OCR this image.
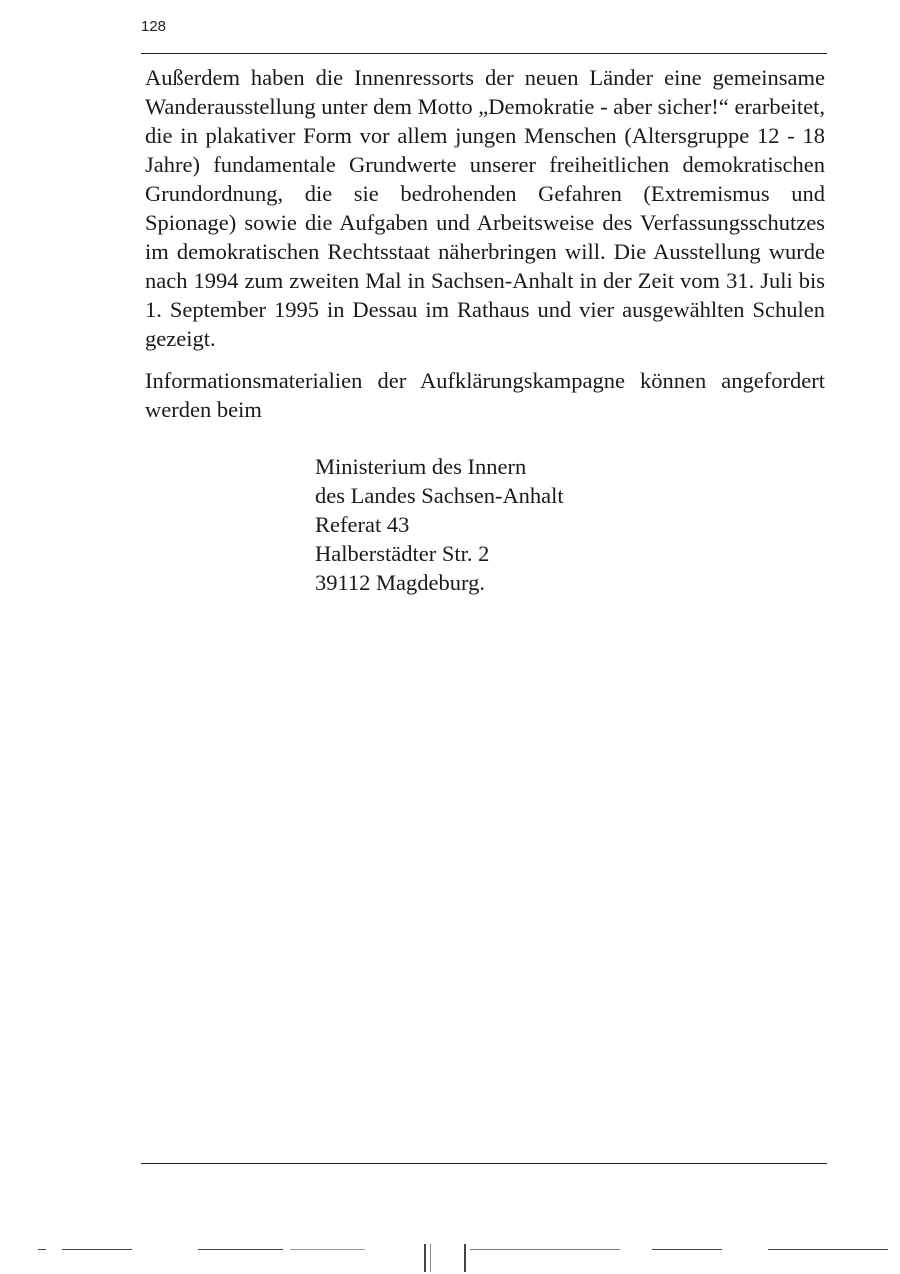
128

Außerdem haben die Innenressorts der neuen Länder eine gemeinsame Wanderausstellung unter dem Motto „Demokratie - aber sicher!“ erarbeitet, die in plakativer Form vor allem jungen Menschen (Altersgruppe 12 - 18 Jahre) fundamentale Grundwerte unserer freiheitlichen demokratischen Grundordnung, die sie bedrohenden Gefahren (Extremismus und Spionage) sowie die Aufgaben und Arbeitsweise des Verfassungsschutzes im demokratischen Rechtsstaat näherbringen will. Die Ausstellung wurde nach 1994 zum zweiten Mal in Sachsen-Anhalt in der Zeit vom 31. Juli bis 1. September 1995 in Dessau im Rathaus und vier ausgewählten Schulen gezeigt.

Informationsmaterialien der Aufklärungskampagne können angefordert werden beim

Ministerium des Innern
des Landes Sachsen-Anhalt
Referat 43
Halberstädter Str. 2
39112 Magdeburg.
